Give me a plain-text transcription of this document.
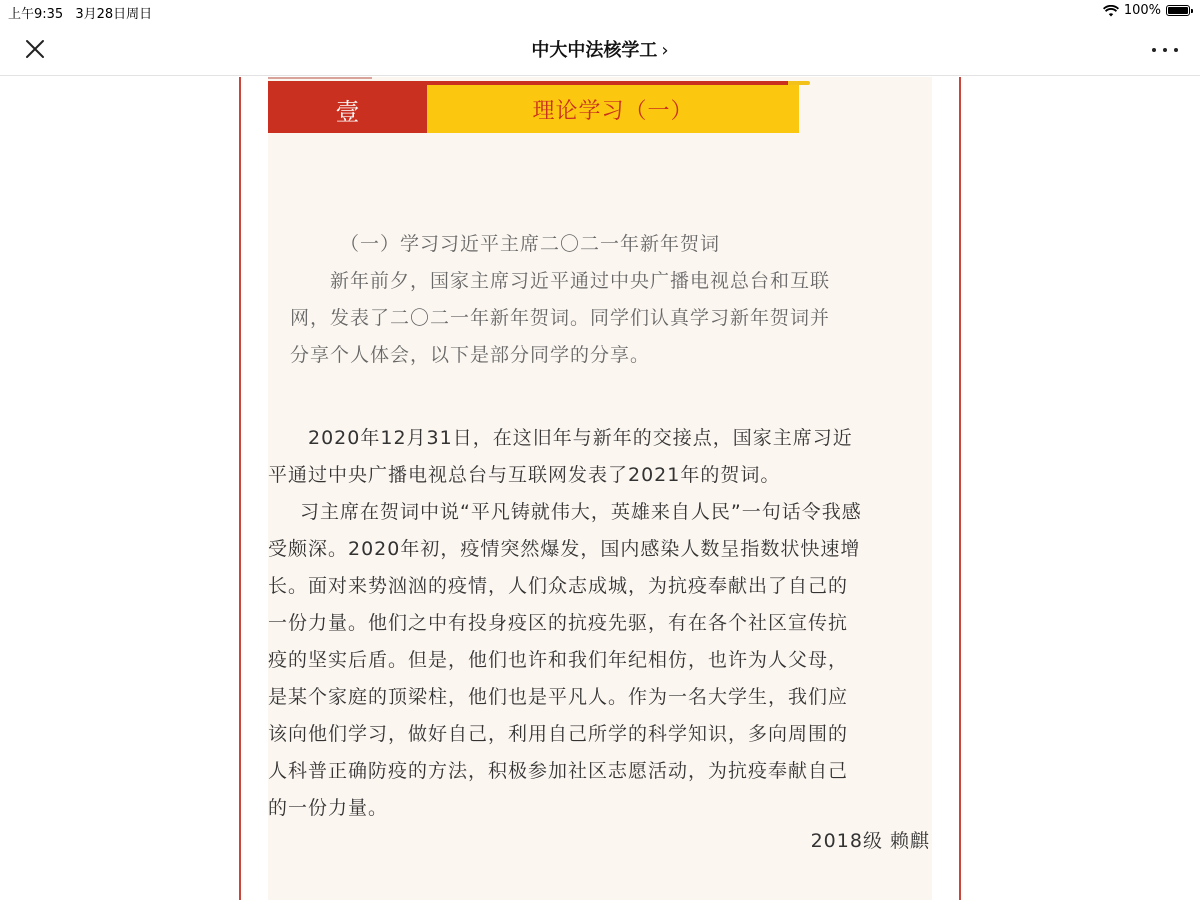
上午9:35 3月28日周日	100%
中大中法核学工 ›
壹	理论学习（一）
（一）学习习近平主席二〇二一年新年贺词
新年前夕，国家主席习近平通过中央广播电视总台和互联
网，发表了二〇二一年新年贺词。同学们认真学习新年贺词并
分享个人体会，以下是部分同学的分享。
2020年12月31日，在这旧年与新年的交接点，国家主席习近
平通过中央广播电视总台与互联网发表了2021年的贺词。
习主席在贺词中说“平凡铸就伟大，英雄来自人民”一句话令我感
受颇深。2020年初，疫情突然爆发，国内感染人数呈指数状快速增
长。面对来势汹汹的疫情，人们众志成城，为抗疫奉献出了自己的
一份力量。他们之中有投身疫区的抗疫先驱，有在各个社区宣传抗
疫的坚实后盾。但是，他们也许和我们年纪相仿，也许为人父母，
是某个家庭的顶梁柱，他们也是平凡人。作为一名大学生，我们应
该向他们学习，做好自己，利用自己所学的科学知识，多向周围的
人科普正确防疫的方法，积极参加社区志愿活动，为抗疫奉献自己
的一份力量。
2018级 赖麒
